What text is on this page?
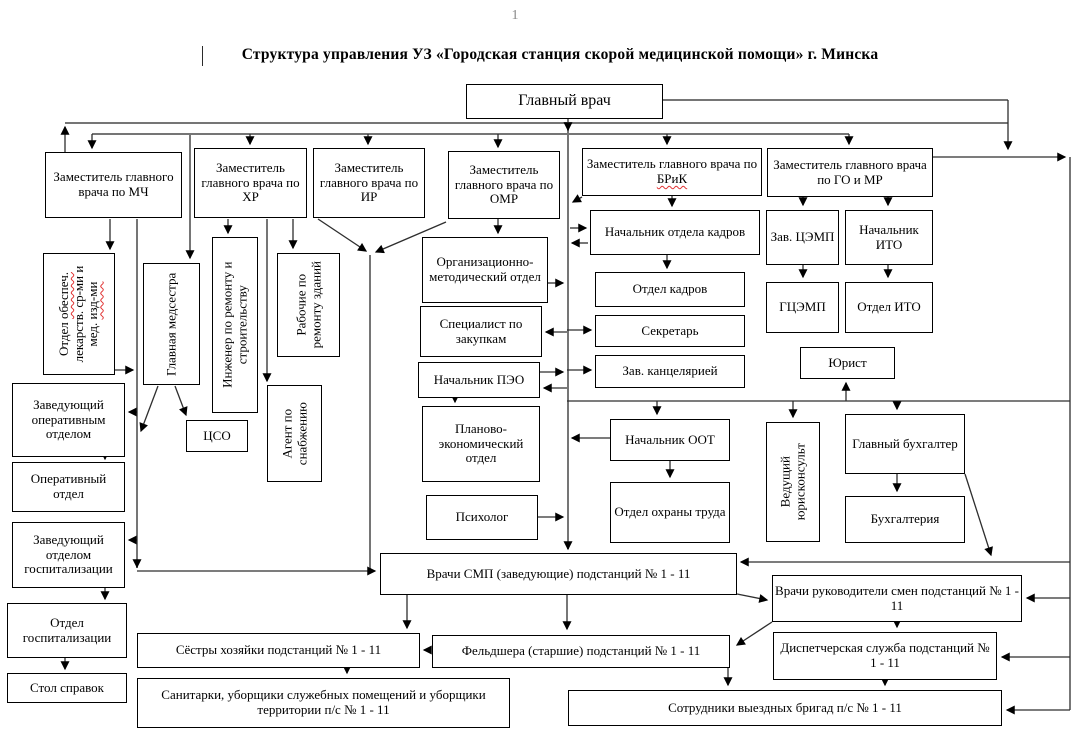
1
Структура управления УЗ «Городская станция скорой медицинской помощи» г. Минска
Главный врач
Заместитель главного врача по МЧ
Заместитель главного врача по ХР
Заместитель главного врача по ИР
Заместитель главного врача по ОМР
Заместитель главного врача по БРиК
Заместитель главного врача по ГО и МР
Отдел обеспеч. лекарств. ср-ми и мед. изд-ми	Главная медсестра	Инженер по ремонту и строительству	Рабочие по ремонту зданий
ЦСО	Агент по снабжению
Заведующий оперативным отделом
Оперативный отдел
Заведующий отделом госпитализации
Отдел госпитализации
Стол справок
Организационно-методический отдел
Специалист по закупкам
Начальник ПЭО
Планово-экономический отдел
Психолог
Начальник отдела кадров
Отдел кадров
Секретарь
Зав. канцелярией
Начальник ООТ
Отдел охраны труда
Зав. ЦЭМП	Начальник ИТО
ГЦЭМП Отдел ИТО
Юрист
Ведущий юрисконсульт
Главный бухгалтер
Бухгалтерия
Врачи СМП (заведующие) подстанций № 1 - 11
Врачи руководители смен подстанций № 1 - 11
Сёстры хозяйки подстанций № 1 - 11	Фельдшера (старшие) подстанций № 1 - 11	Диспетчерская служба подстанций № 1 - 11
Санитарки, уборщики служебных помещений и уборщики территории п/с № 1 - 11	Сотрудники выездных бригад п/с № 1 - 11
